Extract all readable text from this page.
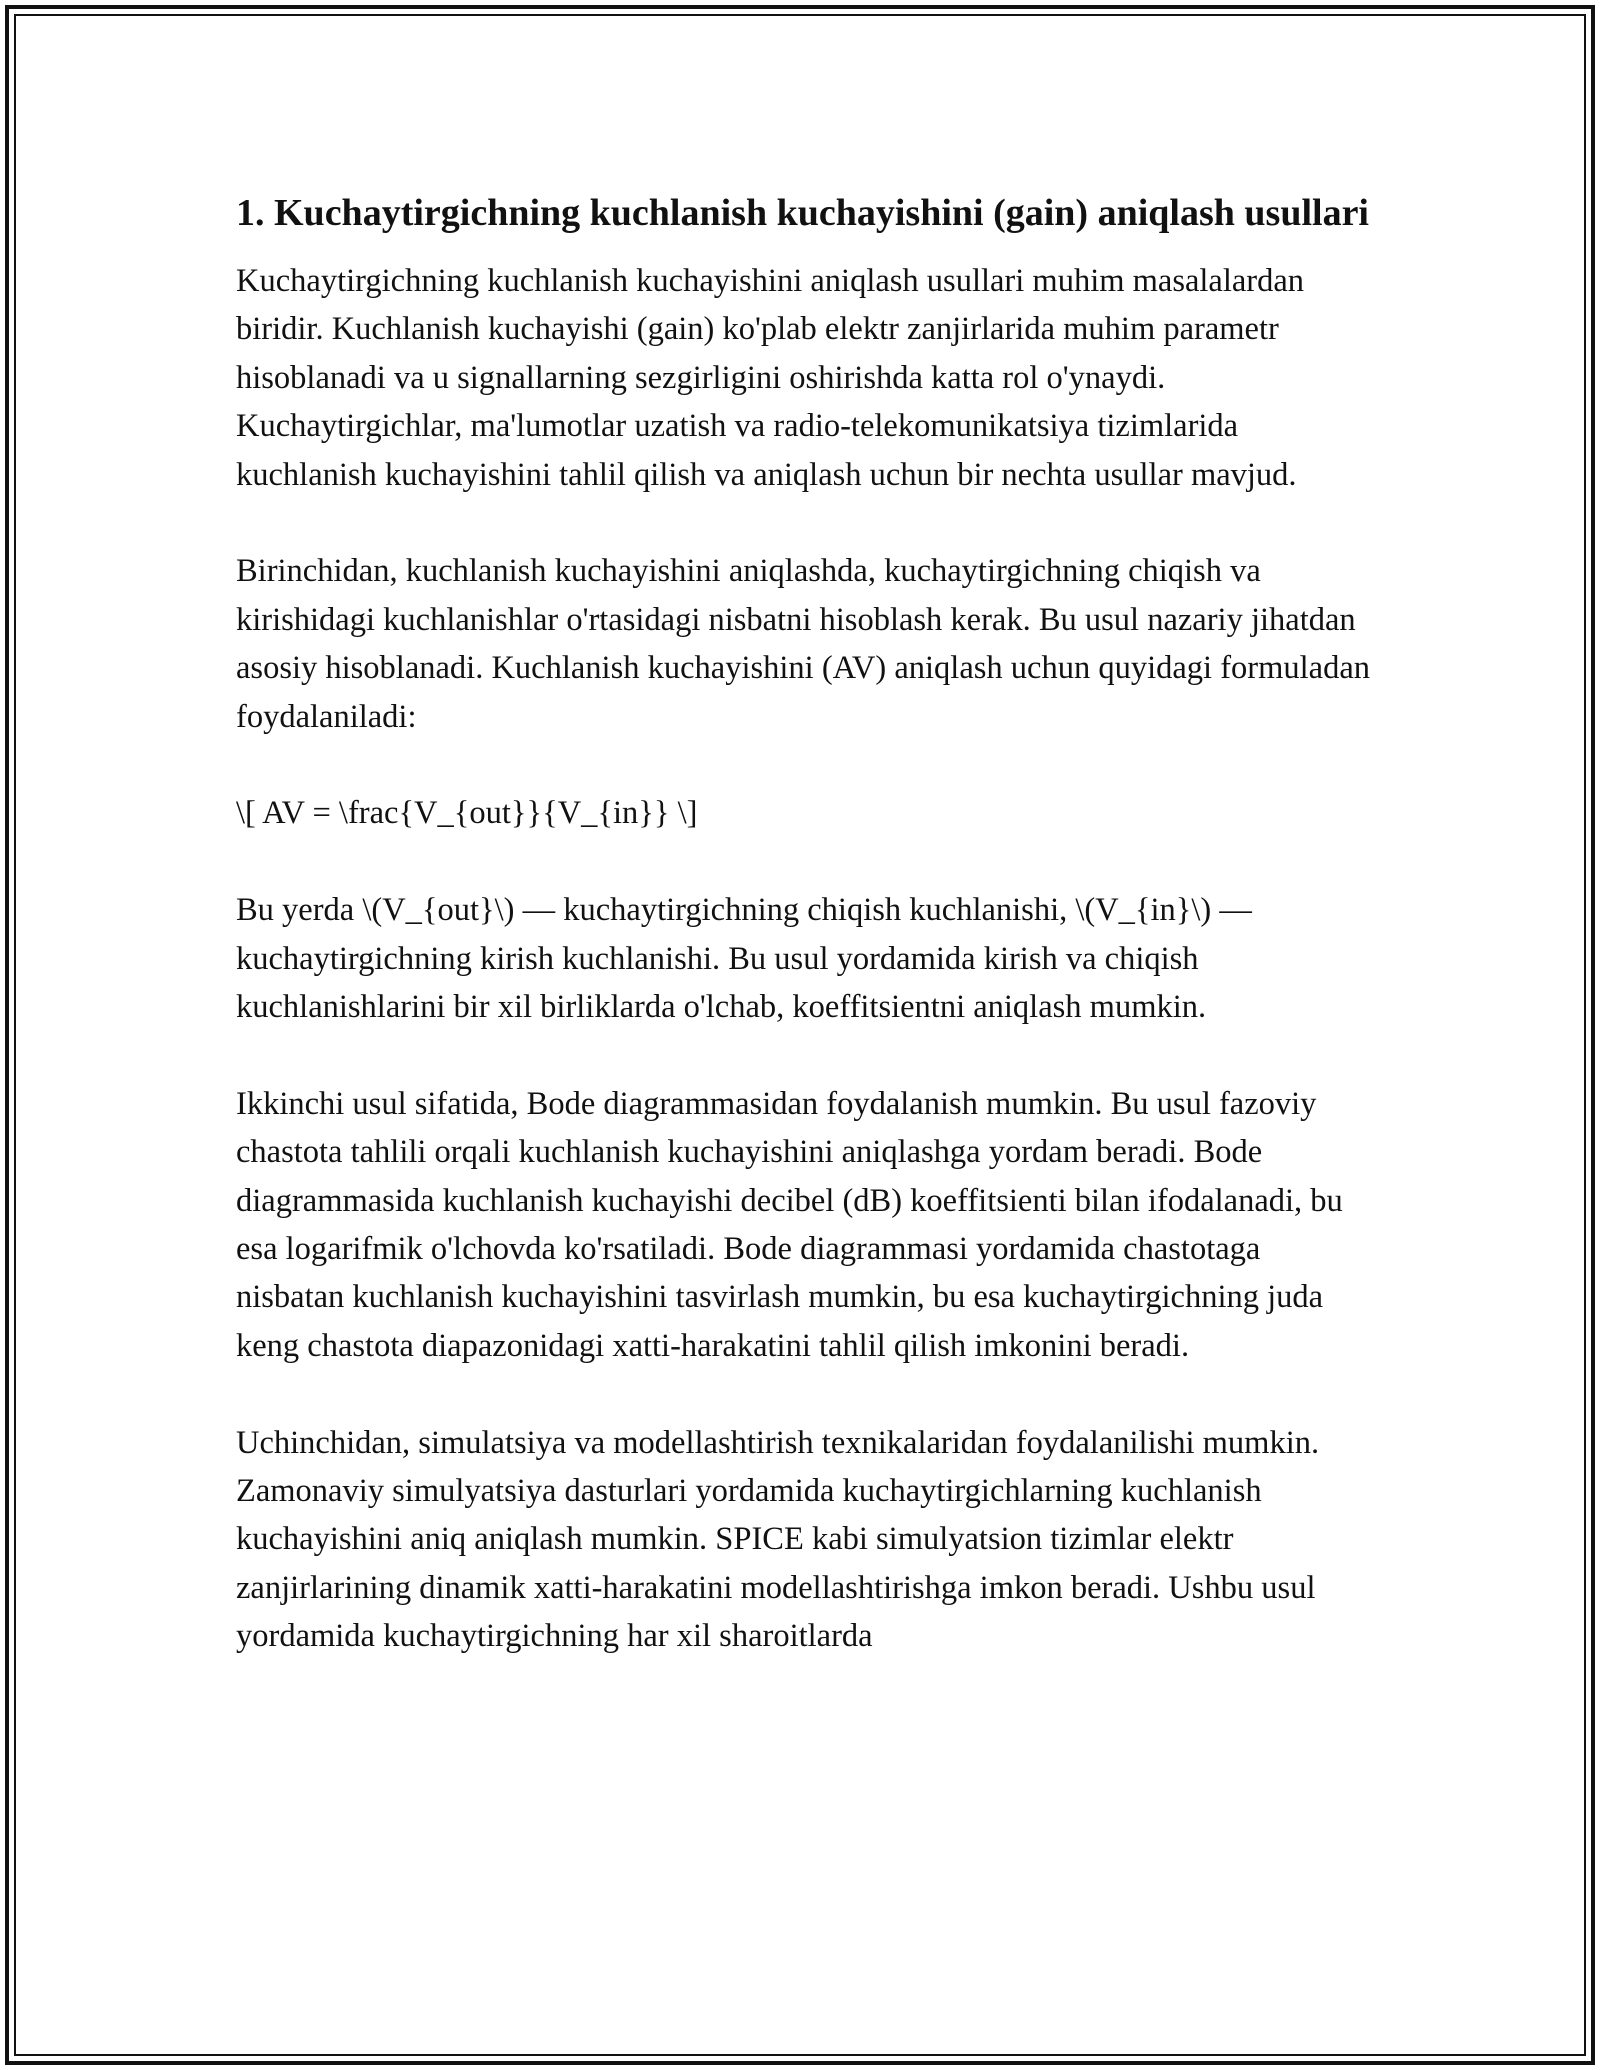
1. Kuchaytirgichning kuchlanish kuchayishini (gain) aniqlash usullari

Kuchaytirgichning kuchlanish kuchayishini aniqlash usullari muhim masalalardan biridir. Kuchlanish kuchayishi (gain) ko'plab elektr zanjirlarida muhim parametr hisoblanadi va u signallarning sezgirligini oshirishda katta rol o'ynaydi. Kuchaytirgichlar, ma'lumotlar uzatish va radio-telekomunikatsiya tizimlarida kuchlanish kuchayishini tahlil qilish va aniqlash uchun bir nechta usullar mavjud.

Birinchidan, kuchlanish kuchayishini aniqlashda, kuchaytirgichning chiqish va kirishidagi kuchlanishlar o'rtasidagi nisbatni hisoblash kerak. Bu usul nazariy jihatdan asosiy hisoblanadi. Kuchlanish kuchayishini (AV) aniqlash uchun quyidagi formuladan foydalaniladi:

\[ AV = \frac{V_{out}}{V_{in}} \]

Bu yerda \(V_{out}\) — kuchaytirgichning chiqish kuchlanishi, \(V_{in}\) — kuchaytirgichning kirish kuchlanishi. Bu usul yordamida kirish va chiqish kuchlanishlarini bir xil birliklarda o'lchab, koeffitsientni aniqlash mumkin.

Ikkinchi usul sifatida, Bode diagrammasidan foydalanish mumkin. Bu usul fazoviy chastota tahlili orqali kuchlanish kuchayishini aniqlashga yordam beradi. Bode diagrammasida kuchlanish kuchayishi decibel (dB) koeffitsienti bilan ifodalanadi, bu esa logarifmik o'lchovda ko'rsatiladi. Bode diagrammasi yordamida chastotaga nisbatan kuchlanish kuchayishini tasvirlash mumkin, bu esa kuchaytirgichning juda keng chastota diapazonidagi xatti-harakatini tahlil qilish imkonini beradi.

Uchinchidan, simulatsiya va modellashtirish texnikalaridan foydalanilishi mumkin. Zamonaviy simulyatsiya dasturlari yordamida kuchaytirgichlarning kuchlanish kuchayishini aniq aniqlash mumkin. SPICE kabi simulyatsion tizimlar elektr zanjirlarining dinamik xatti-harakatini modellashtirishga imkon beradi. Ushbu usul yordamida kuchaytirgichning har xil sharoitlarda
